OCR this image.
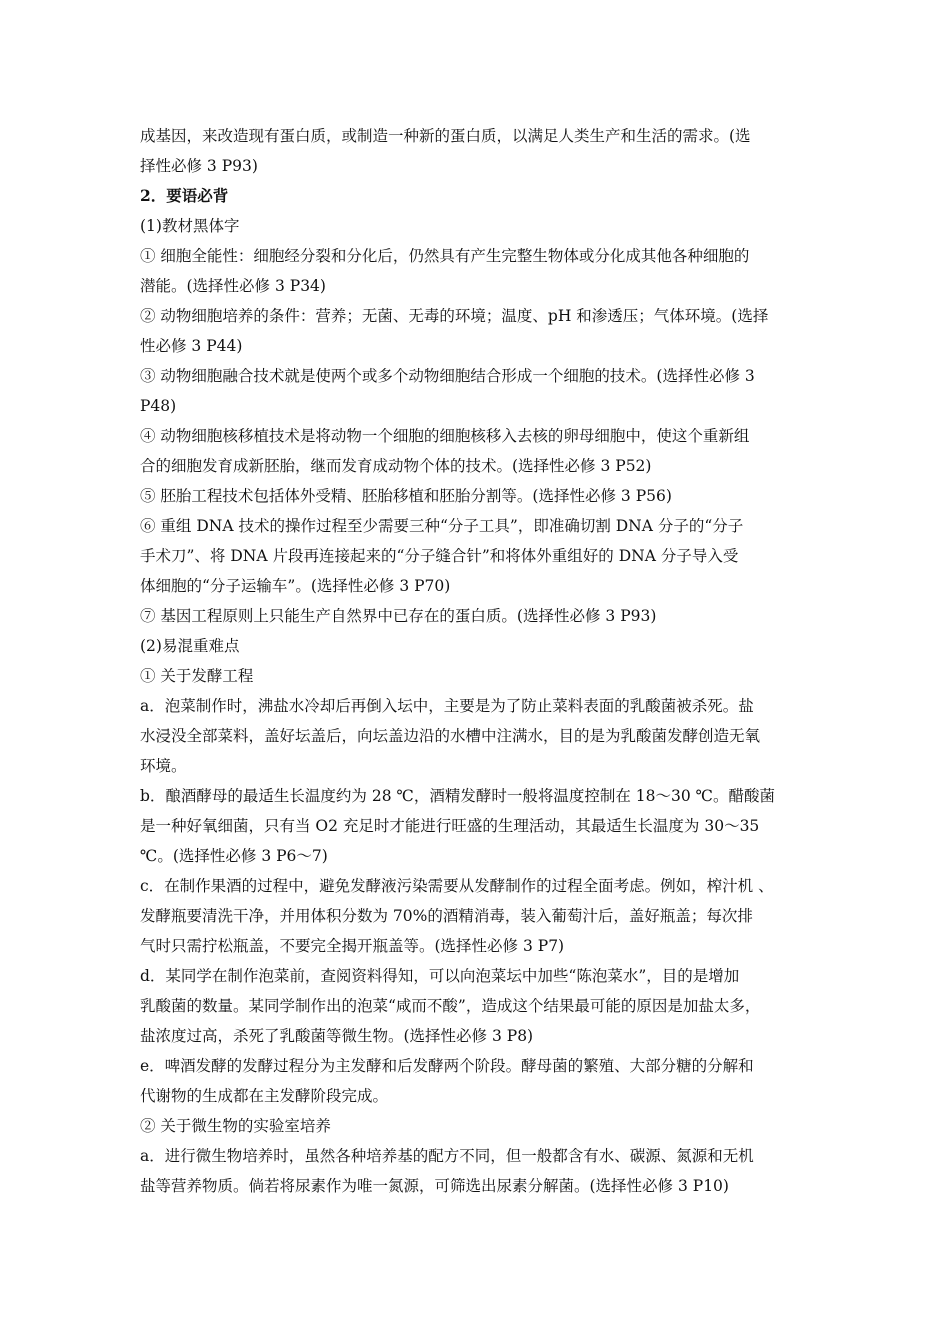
成基因，来改造现有蛋白质，或制造一种新的蛋白质，以满足人类生产和生活的需求。(选
择性必修 3 P93)
2．要语必背
(1)教材黑体字
① 细胞全能性：细胞经分裂和分化后，仍然具有产生完整生物体或分化成其他各种细胞的
潜能。(选择性必修 3 P34)
② 动物细胞培养的条件：营养；无菌、无毒的环境；温度、pH 和渗透压；气体环境。(选择
性必修 3 P44)
③ 动物细胞融合技术就是使两个或多个动物细胞结合形成一个细胞的技术。(选择性必修 3
P48)
④ 动物细胞核移植技术是将动物一个细胞的细胞核移入去核的卵母细胞中，使这个重新组
合的细胞发育成新胚胎，继而发育成动物个体的技术。(选择性必修 3 P52)
⑤ 胚胎工程技术包括体外受精、胚胎移植和胚胎分割等。(选择性必修 3 P56)
⑥ 重组 DNA 技术的操作过程至少需要三种“分子工具”，即准确切割 DNA 分子的“分子
手术刀”、将 DNA 片段再连接起来的“分子缝合针”和将体外重组好的 DNA 分子导入受
体细胞的“分子运输车”。(选择性必修 3 P70)
⑦ 基因工程原则上只能生产自然界中已存在的蛋白质。(选择性必修 3 P93)
(2)易混重难点
① 关于发酵工程
a．泡菜制作时，沸盐水冷却后再倒入坛中，主要是为了防止菜料表面的乳酸菌被杀死。盐
水浸没全部菜料，盖好坛盖后，向坛盖边沿的水槽中注满水，目的是为乳酸菌发酵创造无氧
环境。
b．酿酒酵母的最适生长温度约为 28 ℃，酒精发酵时一般将温度控制在 18～30 ℃。醋酸菌
是一种好氧细菌，只有当 O2 充足时才能进行旺盛的生理活动，其最适生长温度为 30～35
℃。(选择性必修 3 P6～7)
c．在制作果酒的过程中，避免发酵液污染需要从发酵制作的过程全面考虑。例如，榨汁机 、
发酵瓶要清洗干净，并用体积分数为 70%的酒精消毒，装入葡萄汁后，盖好瓶盖；每次排
气时只需拧松瓶盖，不要完全揭开瓶盖等。(选择性必修 3 P7)
d．某同学在制作泡菜前，查阅资料得知，可以向泡菜坛中加些“陈泡菜水”，目的是增加
乳酸菌的数量。某同学制作出的泡菜“咸而不酸”，造成这个结果最可能的原因是加盐太多，
盐浓度过高，杀死了乳酸菌等微生物。(选择性必修 3 P8)
e．啤酒发酵的发酵过程分为主发酵和后发酵两个阶段。酵母菌的繁殖、大部分糖的分解和
代谢物的生成都在主发酵阶段完成。
② 关于微生物的实验室培养
a．进行微生物培养时，虽然各种培养基的配方不同，但一般都含有水、碳源、氮源和无机
盐等营养物质。倘若将尿素作为唯一氮源，可筛选出尿素分解菌。(选择性必修 3 P10)
